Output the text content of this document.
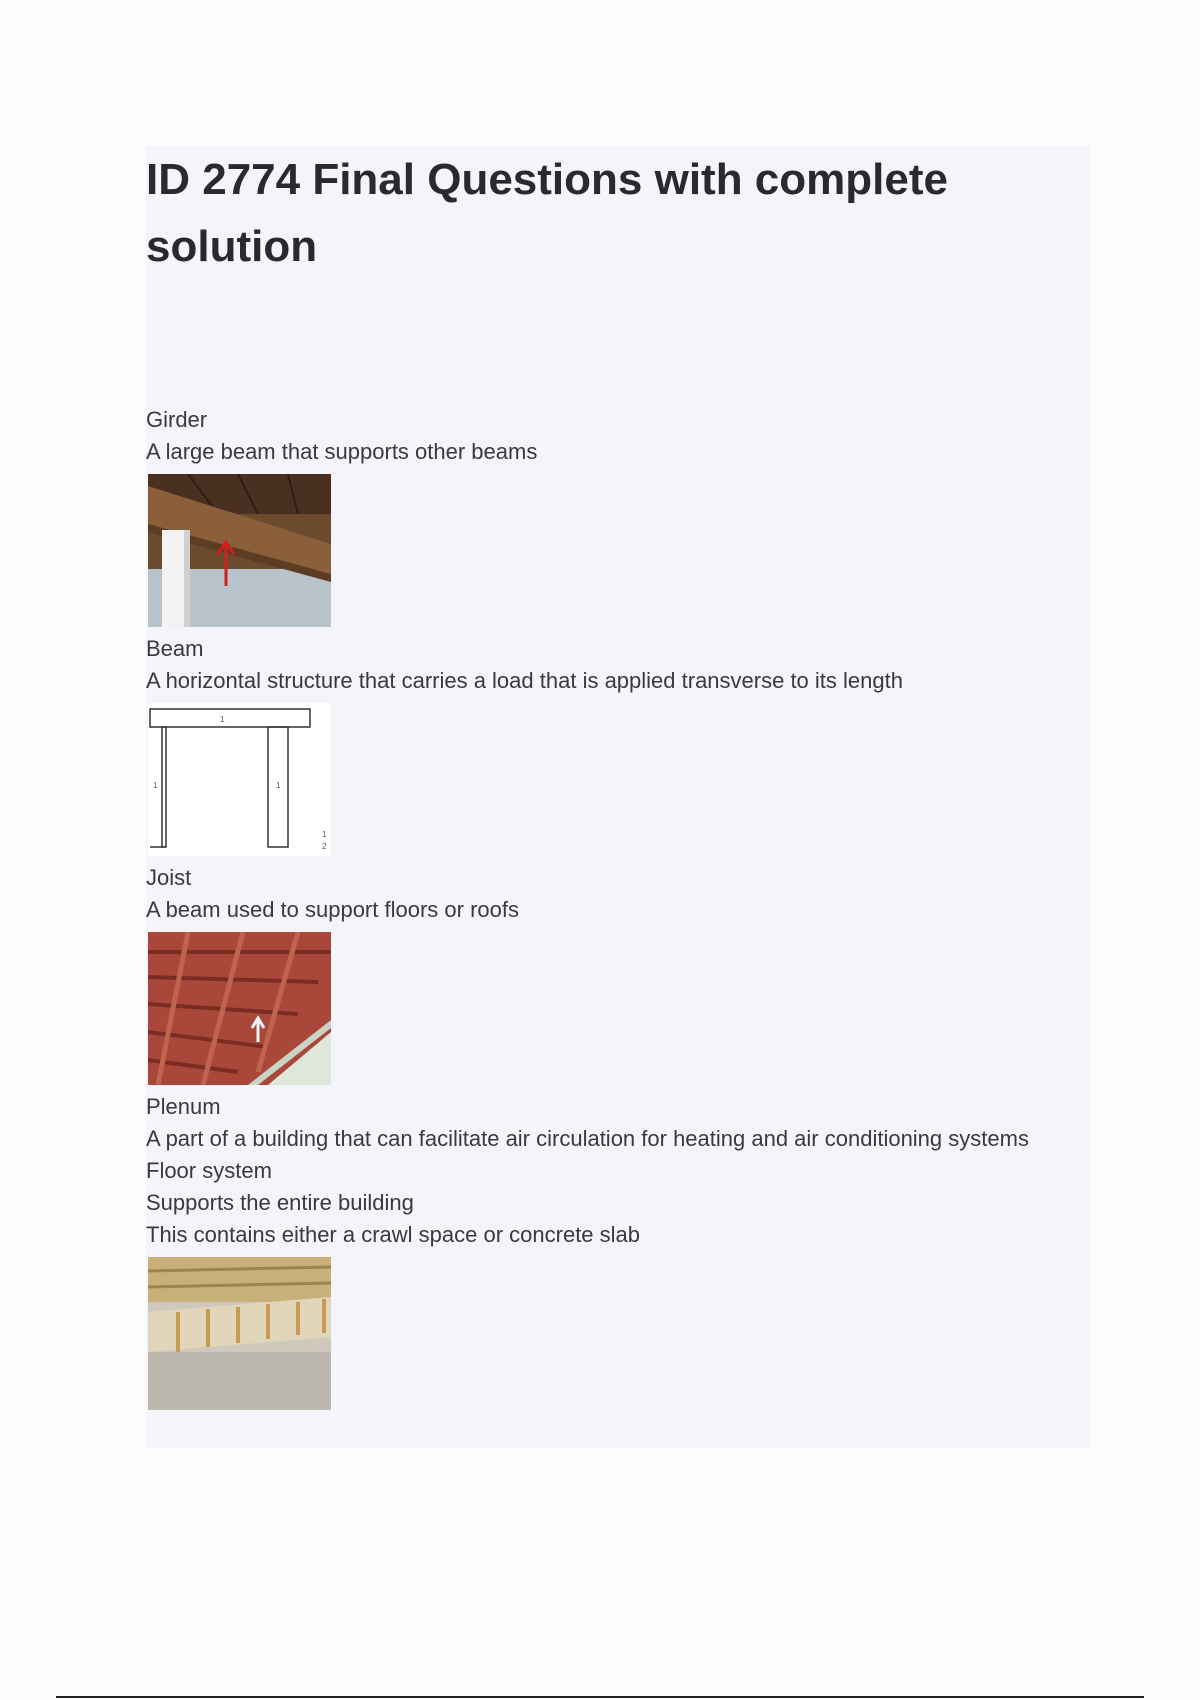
ID 2774 Final Questions with complete solution
Girder
A large beam that supports other beams
Beam
A horizontal structure that carries a load that is applied transverse to its length
1
1	1
1
2
Joist
A beam used to support floors or roofs
Plenum
A part of a building that can facilitate air circulation for heating and air conditioning systems
Floor system
Supports the entire building
This contains either a crawl space or concrete slab
